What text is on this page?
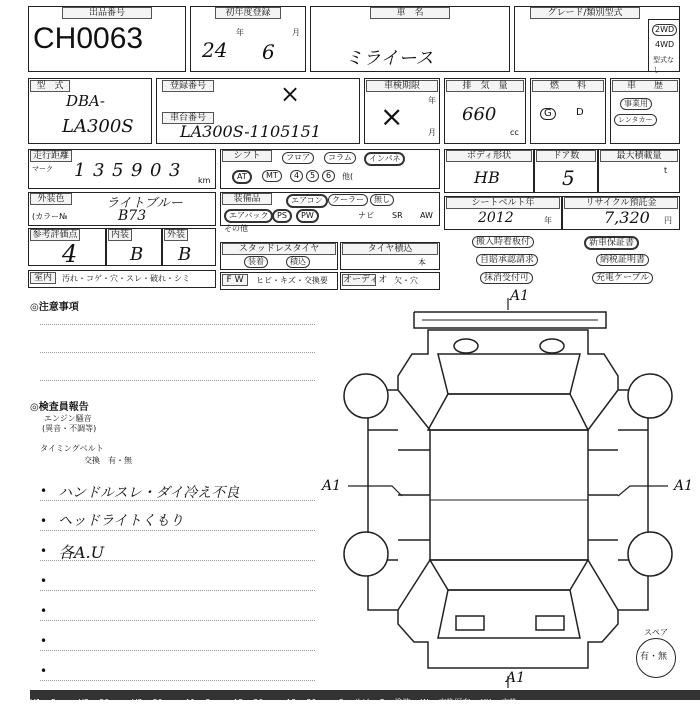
出品番号
CH0063
初年度登録
24
年
6
月
車　名
ミライース
グレード/類別型式
2WD
4WD
型式なし
型　式
DBA-
LA300S
登録番号	×
車台番号
LA300S-1105151
車検期限
年
月
×
排　気　量
660
cc
燃　　料
G	D
車　　歴
事業用
レンタカー
走行距離
マーク 1 3 5 9 0 3 km
シフト	フロア	コラム	インパネ
AT	MT	4	5	6	他(
ボディ形状
HB
ドア数
5
最大積載量
t
外装色
(カラー№
ライトブルー
B73
装備品	エアコン	クーラー	無し
エアバック	PS	PW	ナビ SR AW
その他
シートベルト年
2012	年
リサイクル預託金
7,320 円
参考評価点
4
内装
B
外装
B	スタッドレスタイヤ
装着	積込
タイヤ積込
本
搬入時着板付	新車保証書
自賠承認請求	納税証明書
抹消受付可	充電ケーブル
室内	汚れ・コゲ・穴・スレ・破れ・シミ	F W	ヒビ・キズ・交換要 オーディオ 欠・穴
◎注意事項
◎検査員報告
エンジン騒音
(異音・不調等)
タイミングベルト
交換　有・無
• ハンドルスレ・ダイ冷え不良
• ヘッドライトくもり
• 各A.U
•
•
•
•
A1
A1	A1
A1
スペア
有・無
U1 5cm U2 20cm U3 30cm A1 5cm A2 20cm A3 30cm S サビ P 塗装 W 交換歴有 XX 交換
